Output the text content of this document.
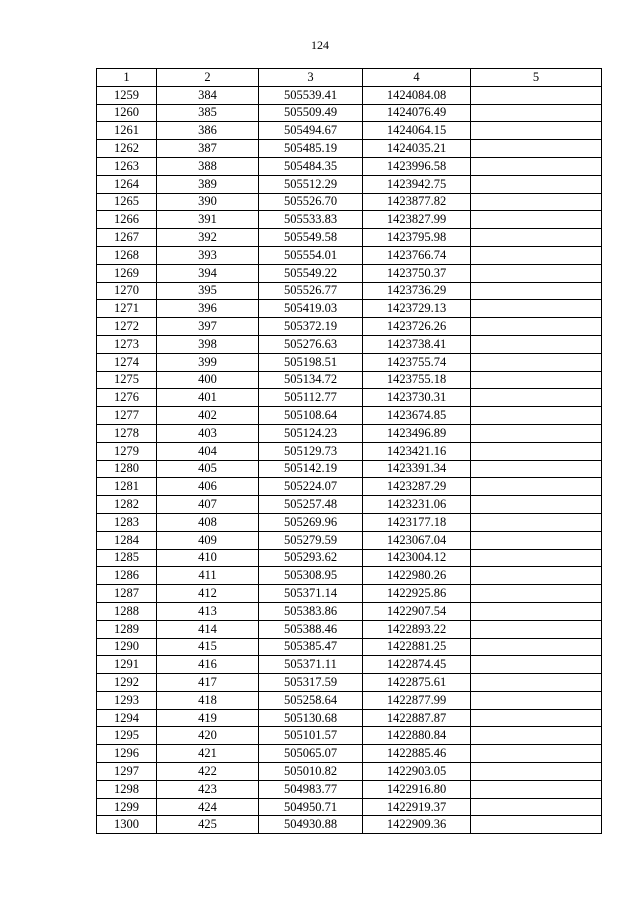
124
1	2	3	4	5
1259	384	505539.41	1424084.08	
1260	385	505509.49	1424076.49	
1261	386	505494.67	1424064.15	
1262	387	505485.19	1424035.21	
1263	388	505484.35	1423996.58	
1264	389	505512.29	1423942.75	
1265	390	505526.70	1423877.82	
1266	391	505533.83	1423827.99	
1267	392	505549.58	1423795.98	
1268	393	505554.01	1423766.74	
1269	394	505549.22	1423750.37	
1270	395	505526.77	1423736.29	
1271	396	505419.03	1423729.13	
1272	397	505372.19	1423726.26	
1273	398	505276.63	1423738.41	
1274	399	505198.51	1423755.74	
1275	400	505134.72	1423755.18	
1276	401	505112.77	1423730.31	
1277	402	505108.64	1423674.85	
1278	403	505124.23	1423496.89	
1279	404	505129.73	1423421.16	
1280	405	505142.19	1423391.34	
1281	406	505224.07	1423287.29	
1282	407	505257.48	1423231.06	
1283	408	505269.96	1423177.18	
1284	409	505279.59	1423067.04	
1285	410	505293.62	1423004.12	
1286	411	505308.95	1422980.26	
1287	412	505371.14	1422925.86	
1288	413	505383.86	1422907.54	
1289	414	505388.46	1422893.22	
1290	415	505385.47	1422881.25	
1291	416	505371.11	1422874.45	
1292	417	505317.59	1422875.61	
1293	418	505258.64	1422877.99	
1294	419	505130.68	1422887.87	
1295	420	505101.57	1422880.84	
1296	421	505065.07	1422885.46	
1297	422	505010.82	1422903.05	
1298	423	504983.77	1422916.80	
1299	424	504950.71	1422919.37	
1300	425	504930.88	1422909.36	
